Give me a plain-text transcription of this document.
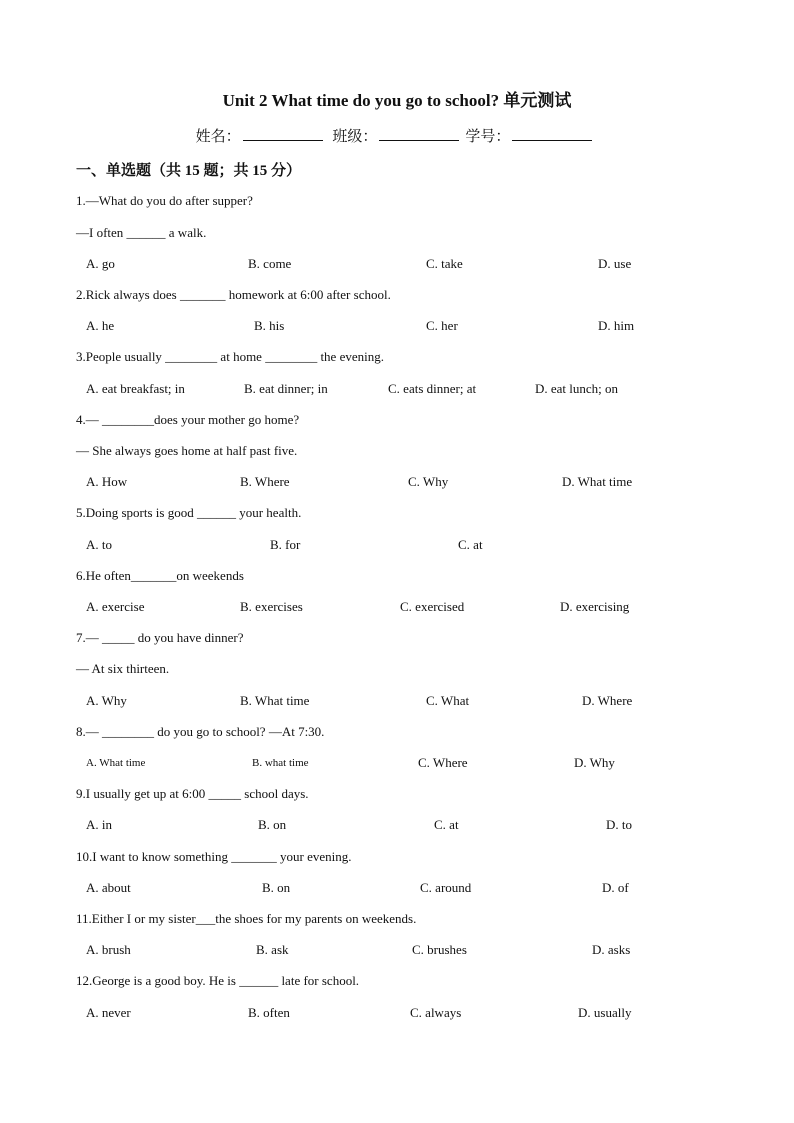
Unit 2 What time do you go to school? 单元测试
姓名：	班级：	学号：
一、单选题（共 15 题；共 15 分）
1.—What do you do after supper?
—I often ______ a walk.
A. go	B. come	C. take	D. use
2.Rick always does _______ homework at 6:00 after school.
A. he	B. his	C. her	D. him
3.People usually ________ at home ________ the evening.
A. eat breakfast; in	B. eat dinner; in	C. eats dinner; at	D. eat lunch; on
4.— ________does your mother go home?
— She always goes home at half past five.
A. How	B. Where	C. Why	D. What time
5.Doing sports is good ______ your health.
A. to	B. for	C. at
6.He often_______on weekends
A. exercise	B. exercises	C. exercised	D. exercising
7.— _____ do you have dinner?
— At six thirteen.
A. Why	B. What time	C. What	D. Where
8.— ________ do you go to school? —At 7:30.
A. What time	B. what time	C. Where	D. Why
9.I usually get up at 6:00 _____ school days.
A. in	B. on	C. at	D. to
10.I want to know something _______ your evening.
A. about	B. on	C. around	D. of
11.Either I or my sister___the shoes for my parents on weekends.
A. brush	B. ask	C. brushes	D. asks
12.George is a good boy. He is ______ late for school.
A. never	B. often	C. always	D. usually
